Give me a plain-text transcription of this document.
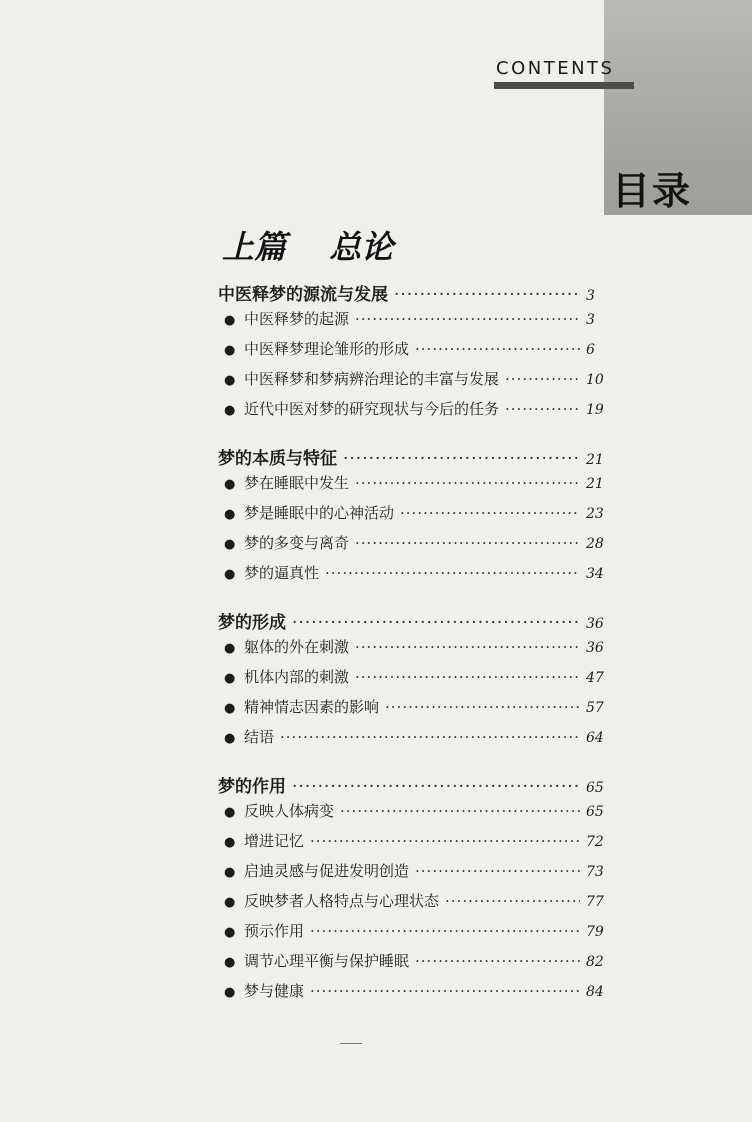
CONTENTS
目录
上篇　 总论
中医释梦的源流与发展 ·····	3
● 中医释梦的起源 ·····	3
● 中医释梦理论雏形的形成 ·····	6
● 中医释梦和梦病辨治理论的丰富与发展 ·····	10
● 近代中医对梦的研究现状与今后的任务 ·····	19
梦的本质与特征 ·····	21
● 梦在睡眠中发生 ·····	21
● 梦是睡眠中的心神活动 ·····	23
● 梦的多变与离奇 ·····	28
● 梦的逼真性 ·····	34
梦的形成 ·····	36
● 躯体的外在刺激 ·····	36
● 机体内部的刺激 ·····	47
● 精神情志因素的影响 ·····	57
● 结语 ·····	64
梦的作用 ·····	65
● 反映人体病变 ·····	65
● 增进记忆 ·····	72
● 启迪灵感与促进发明创造 ·····	73
● 反映梦者人格特点与心理状态 ·····	77
● 预示作用 ·····	79
● 调节心理平衡与保护睡眠 ·····	82
● 梦与健康 ·····	84
